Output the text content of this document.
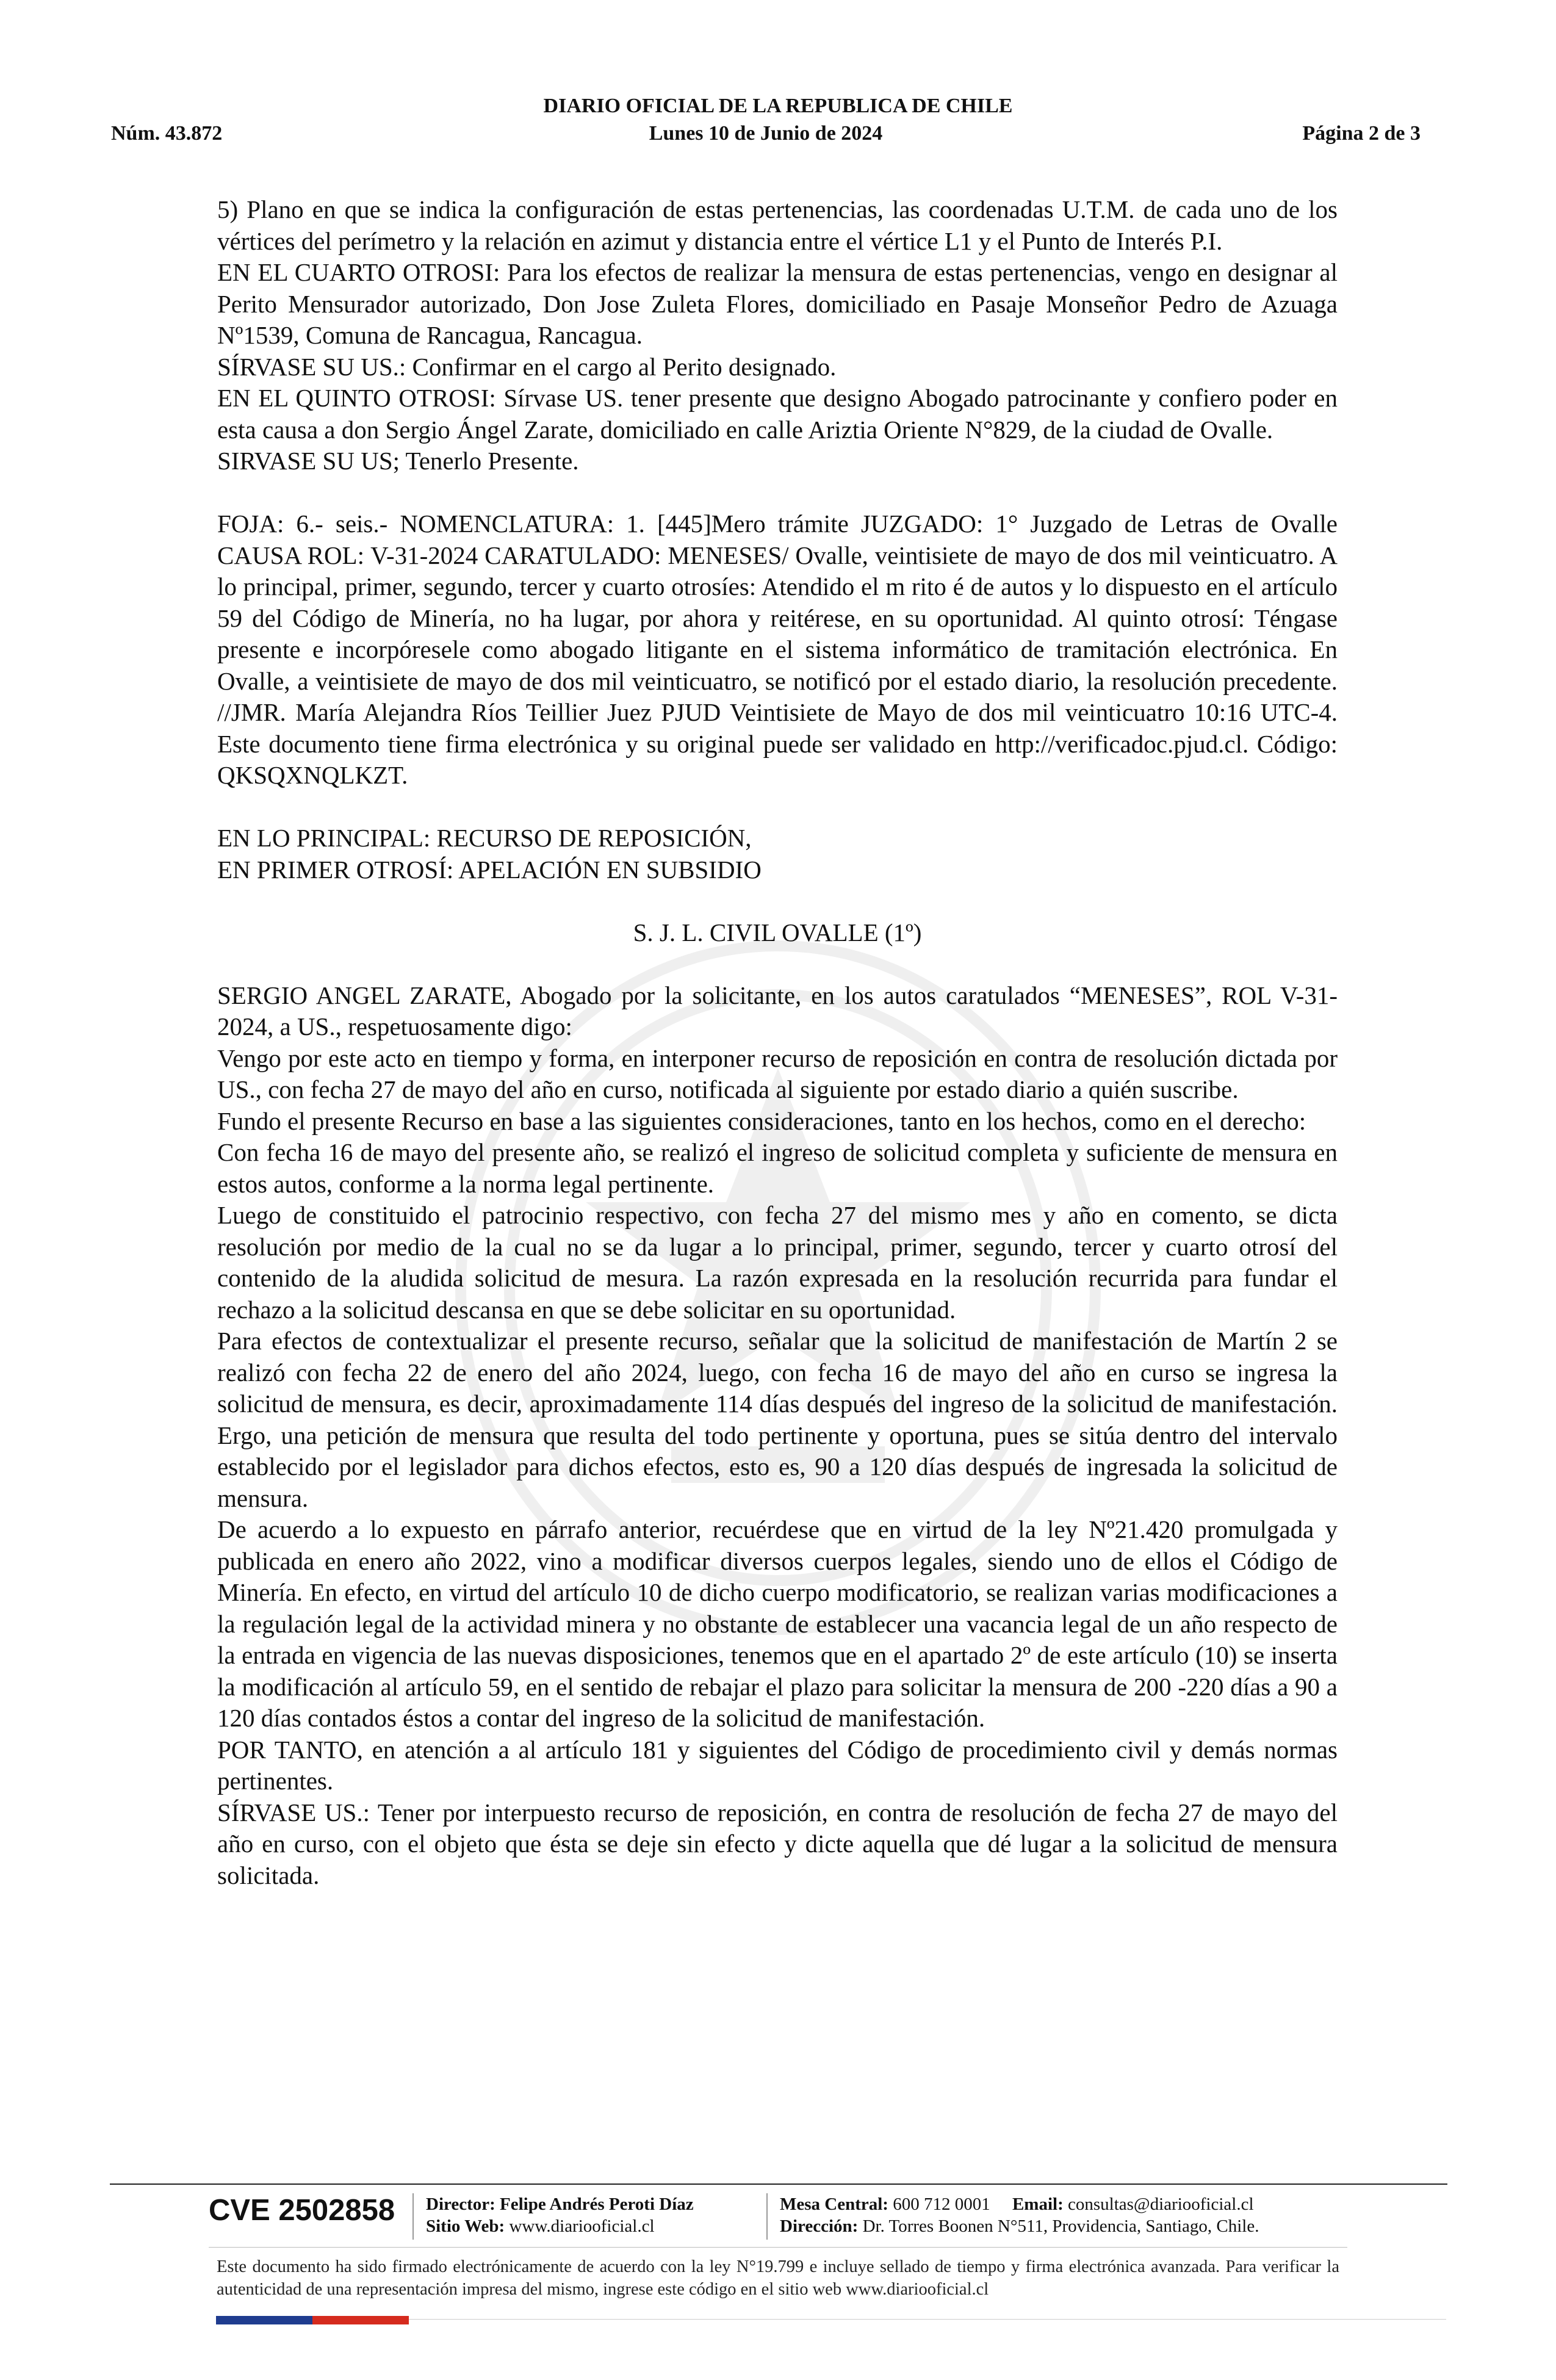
DIARIO OFICIAL DE LA REPUBLICA DE CHILE
Núm. 43.872	Lunes 10 de Junio de 2024	Página 2 de 3

5) Plano en que se indica la configuración de estas pertenencias, las coordenadas U.T.M. de cada uno de los vértices del perímetro y la relación en azimut y distancia entre el vértice L1 y el Punto de Interés P.I.

EN EL CUARTO OTROSI: Para los efectos de realizar la mensura de estas pertenencias, vengo en designar al Perito Mensurador autorizado, Don Jose Zuleta Flores, domiciliado en Pasaje Monseñor Pedro de Azuaga Nº1539, Comuna de Rancagua, Rancagua.

SÍRVASE SU US.: Confirmar en el cargo al Perito designado.

EN EL QUINTO OTROSI: Sírvase US. tener presente que designo Abogado patrocinante y confiero poder en esta causa a don Sergio Ángel Zarate, domiciliado en calle Ariztia Oriente N°829, de la ciudad de Ovalle.

SIRVASE SU US; Tenerlo Presente.

FOJA: 6.- seis.- NOMENCLATURA: 1. [445]Mero trámite JUZGADO: 1° Juzgado de Letras de Ovalle CAUSA ROL: V-31-2024 CARATULADO: MENESES/ Ovalle, veintisiete de mayo de dos mil veinticuatro. A lo principal, primer, segundo, tercer y cuarto otrosíes: Atendido el m rito é de autos y lo dispuesto en el artículo 59 del Código de Minería, no ha lugar, por ahora y reitérese, en su oportunidad. Al quinto otrosí: Téngase presente e incorpóresele como abogado litigante en el sistema informático de tramitación electrónica. En Ovalle, a veintisiete de mayo de dos mil veinticuatro, se notificó por el estado diario, la resolución precedente. //JMR. María Alejandra Ríos Teillier Juez PJUD Veintisiete de Mayo de dos mil veinticuatro 10:16 UTC-4. Este documento tiene firma electrónica y su original puede ser validado en http://verificadoc.pjud.cl. Código: QKSQXNQLKZT.

EN LO PRINCIPAL: RECURSO DE REPOSICIÓN,

EN PRIMER OTROSÍ: APELACIÓN EN SUBSIDIO

S. J. L. CIVIL OVALLE (1º)

SERGIO ANGEL ZARATE, Abogado por la solicitante, en los autos caratulados “MENESES”, ROL V-31-2024, a US., respetuosamente digo:

Vengo por este acto en tiempo y forma, en interponer recurso de reposición en contra de resolución dictada por US., con fecha 27 de mayo del año en curso, notificada al siguiente por estado diario a quién suscribe.

Fundo el presente Recurso en base a las siguientes consideraciones, tanto en los hechos, como en el derecho:

Con fecha 16 de mayo del presente año, se realizó el ingreso de solicitud completa y suficiente de mensura en estos autos, conforme a la norma legal pertinente.

Luego de constituido el patrocinio respectivo, con fecha 27 del mismo mes y año en comento, se dicta resolución por medio de la cual no se da lugar a lo principal, primer, segundo, tercer y cuarto otrosí del contenido de la aludida solicitud de mesura. La razón expresada en la resolución recurrida para fundar el rechazo a la solicitud descansa en que se debe solicitar en su oportunidad.

Para efectos de contextualizar el presente recurso, señalar que la solicitud de manifestación de Martín 2 se realizó con fecha 22 de enero del año 2024, luego, con fecha 16 de mayo del año en curso se ingresa la solicitud de mensura, es decir, aproximadamente 114 días después del ingreso de la solicitud de manifestación. Ergo, una petición de mensura que resulta del todo pertinente y oportuna, pues se sitúa dentro del intervalo establecido por el legislador para dichos efectos, esto es, 90 a 120 días después de ingresada la solicitud de mensura.

De acuerdo a lo expuesto en párrafo anterior, recuérdese que en virtud de la ley Nº21.420 promulgada y publicada en enero año 2022, vino a modificar diversos cuerpos legales, siendo uno de ellos el Código de Minería. En efecto, en virtud del artículo 10 de dicho cuerpo modificatorio, se realizan varias modificaciones a la regulación legal de la actividad minera y no obstante de establecer una vacancia legal de un año respecto de la entrada en vigencia de las nuevas disposiciones, tenemos que en el apartado 2º de este artículo (10) se inserta la modificación al artículo 59, en el sentido de rebajar el plazo para solicitar la mensura de 200 -220 días a 90 a 120 días contados éstos a contar del ingreso de la solicitud de manifestación.

POR TANTO, en atención a al artículo 181 y siguientes del Código de procedimiento civil y demás normas pertinentes.

SÍRVASE US.: Tener por interpuesto recurso de reposición, en contra de resolución de fecha 27 de mayo del año en curso, con el objeto que ésta se deje sin efecto y dicte aquella que dé lugar a la solicitud de mensura solicitada.

CVE 2502858 Director: Felipe Andrés Peroti Díaz
Sitio Web: www.diariooficial.cl
Mesa Central: 600 712 0001 Email: consultas@diariooficial.cl
Dirección: Dr. Torres Boonen N°511, Providencia, Santiago, Chile.
Este documento ha sido firmado electrónicamente de acuerdo con la ley N°19.799 e incluye sellado de tiempo y firma electrónica avanzada. Para verificar la autenticidad de una representación impresa del mismo, ingrese este código en el sitio web www.diariooficial.cl
